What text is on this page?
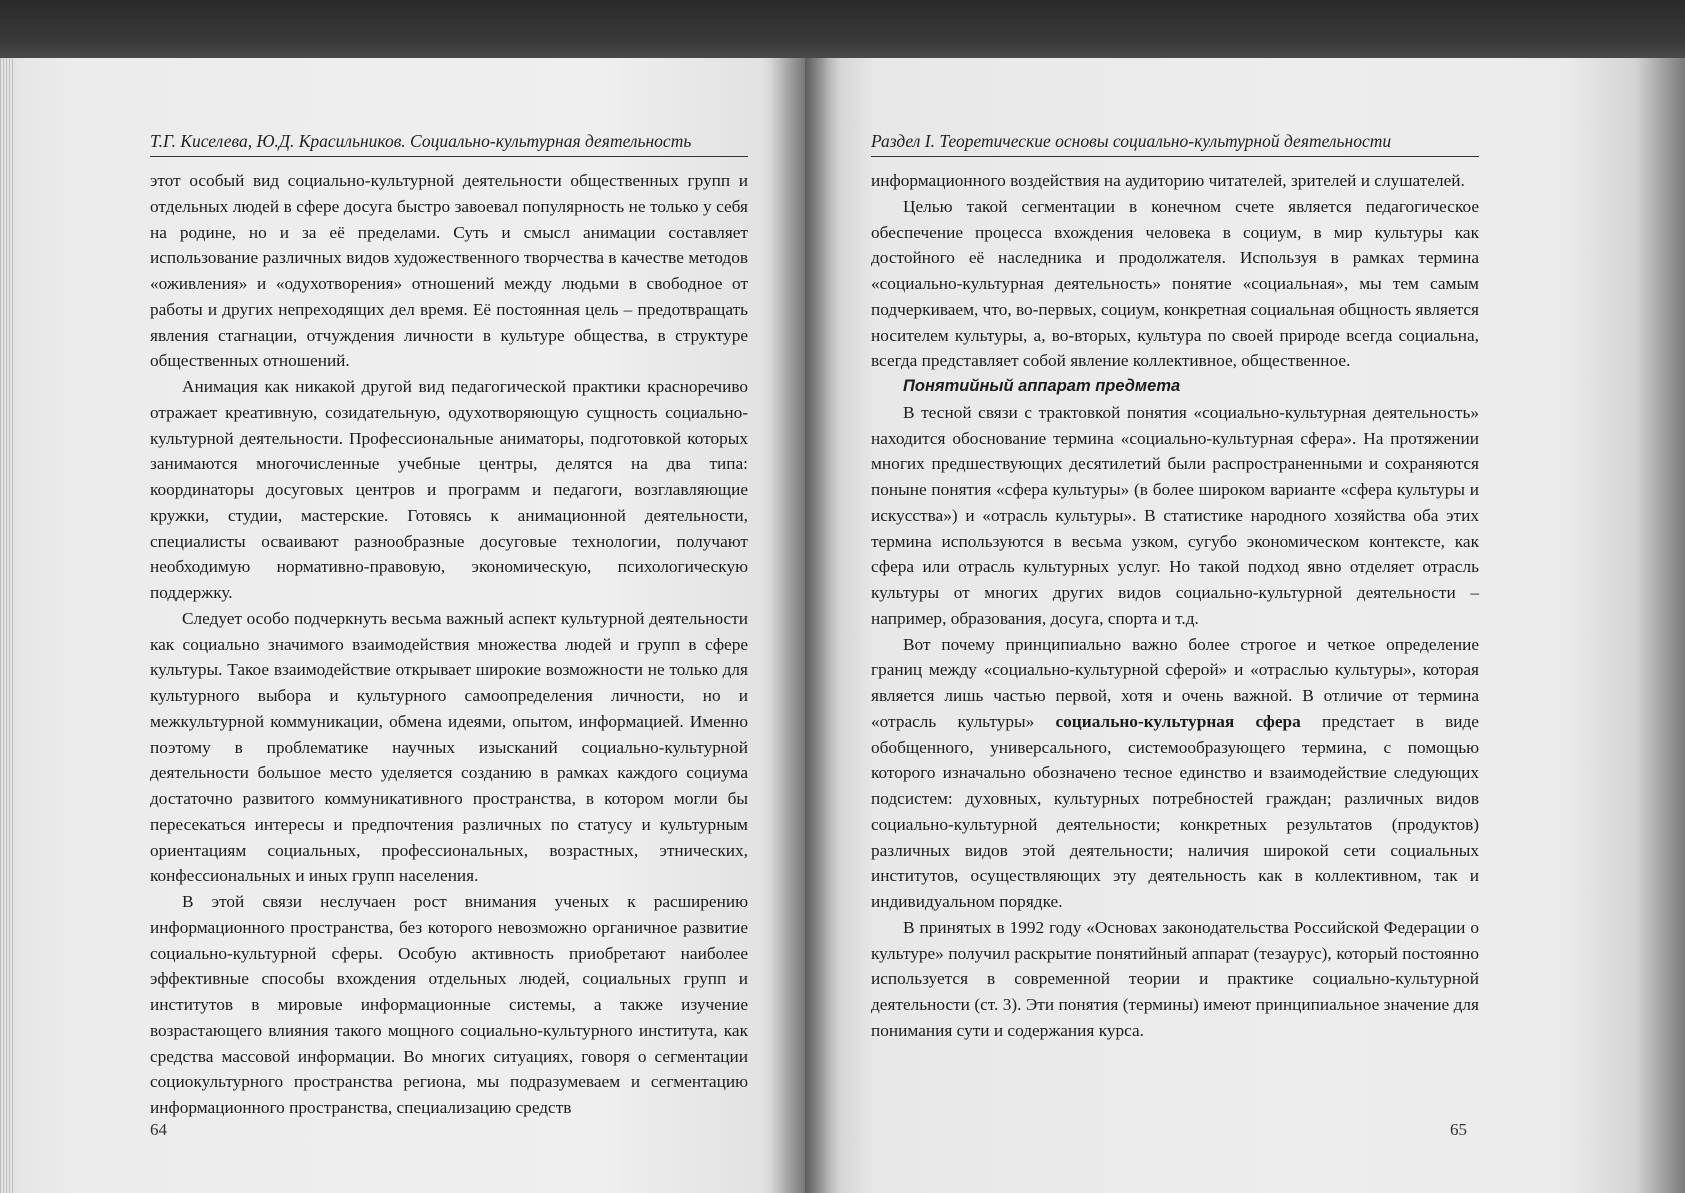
Т.Г. Киселева, Ю.Д. Красильников. Социально-культурная деятельность

этот особый вид социально-культурной деятельности общественных групп и отдельных людей в сфере досуга быстро завоевал популярность не только у себя на родине, но и за её пределами. Суть и смысл анимации составляет использование различных видов художественного творчества в качестве методов «оживления» и «одухотворения» отношений между людьми в свободное от работы и других непреходящих дел время. Её постоянная цель – предотвращать явления стагнации, отчуждения личности в культуре общества, в структуре общественных отношений.

Анимация как никакой другой вид педагогической практики красноречиво отражает креативную, созидательную, одухотворяющую сущность социально-культурной деятельности. Профессиональные аниматоры, подготовкой которых занимаются многочисленные учебные центры, делятся на два типа: координаторы досуговых центров и программ и педагоги, возглавляющие кружки, студии, мастерские. Готовясь к анимационной деятельности, специалисты осваивают разнообразные досуговые технологии, получают необходимую нормативно-правовую, экономическую, психологическую поддержку.

Следует особо подчеркнуть весьма важный аспект культурной деятельности как социально значимого взаимодействия множества людей и групп в сфере культуры. Такое взаимодействие открывает широкие возможности не только для культурного выбора и культурного самоопределения личности, но и межкультурной коммуникации, обмена идеями, опытом, информацией. Именно поэтому в проблематике научных изысканий социально-культурной деятельности большое место уделяется созданию в рамках каждого социума достаточно развитого коммуникативного пространства, в котором могли бы пересекаться интересы и предпочтения различных по статусу и культурным ориентациям социальных, профессиональных, возрастных, этнических, конфессиональных и иных групп населения.

В этой связи неслучаен рост внимания ученых к расширению информационного пространства, без которого невозможно органичное развитие социально-культурной сферы. Особую активность приобретают наиболее эффективные способы вхождения отдельных людей, социальных групп и институтов в мировые информационные системы, а также изучение возрастающего влияния такого мощного социально-культурного института, как средства массовой информации. Во многих ситуациях, говоря о сегментации социокультурного пространства региона, мы подразумеваем и сегментацию информационного пространства, специализацию средств

64
Раздел I. Теоретические основы социально-культурной деятельности

информационного воздействия на аудиторию читателей, зрителей и слушателей.

Целью такой сегментации в конечном счете является педагогическое обеспечение процесса вхождения человека в социум, в мир культуры как достойного её наследника и продолжателя. Используя в рамках термина «социально-культурная деятельность» понятие «социальная», мы тем самым подчеркиваем, что, во-первых, социум, конкретная социальная общность является носителем культуры, а, во-вторых, культура по своей природе всегда социальна, всегда представляет собой явление коллективное, общественное.

Понятийный аппарат предмета

В тесной связи с трактовкой понятия «социально-культурная деятельность» находится обоснование термина «социально-культурная сфера». На протяжении многих предшествующих десятилетий были распространенными и сохраняются поныне понятия «сфера культуры» (в более широком варианте «сфера культуры и искусства») и «отрасль культуры». В статистике народного хозяйства оба этих термина используются в весьма узком, сугубо экономическом контексте, как сфера или отрасль культурных услуг. Но такой подход явно отделяет отрасль культуры от многих других видов социально-культурной деятельности – например, образования, досуга, спорта и т.д.

Вот почему принципиально важно более строгое и четкое определение границ между «социально-культурной сферой» и «отраслью культуры», которая является лишь частью первой, хотя и очень важной. В отличие от термина «отрасль культуры» социально-культурная сфера предстает в виде обобщенного, универсального, системообразующего термина, с помощью которого изначально обозначено тесное единство и взаимодействие следующих подсистем: духовных, культурных потребностей граждан; различных видов социально-культурной деятельности; конкретных результатов (продуктов) различных видов этой деятельности; наличия широкой сети социальных институтов, осуществляющих эту деятельность как в коллективном, так и индивидуальном порядке.

В принятых в 1992 году «Основах законодательства Российской Федерации о культуре» получил раскрытие понятийный аппарат (тезаурус), который постоянно используется в современной теории и практике социально-культурной деятельности (ст. 3). Эти понятия (термины) имеют принципиальное значение для понимания сути и содержания курса.

65
